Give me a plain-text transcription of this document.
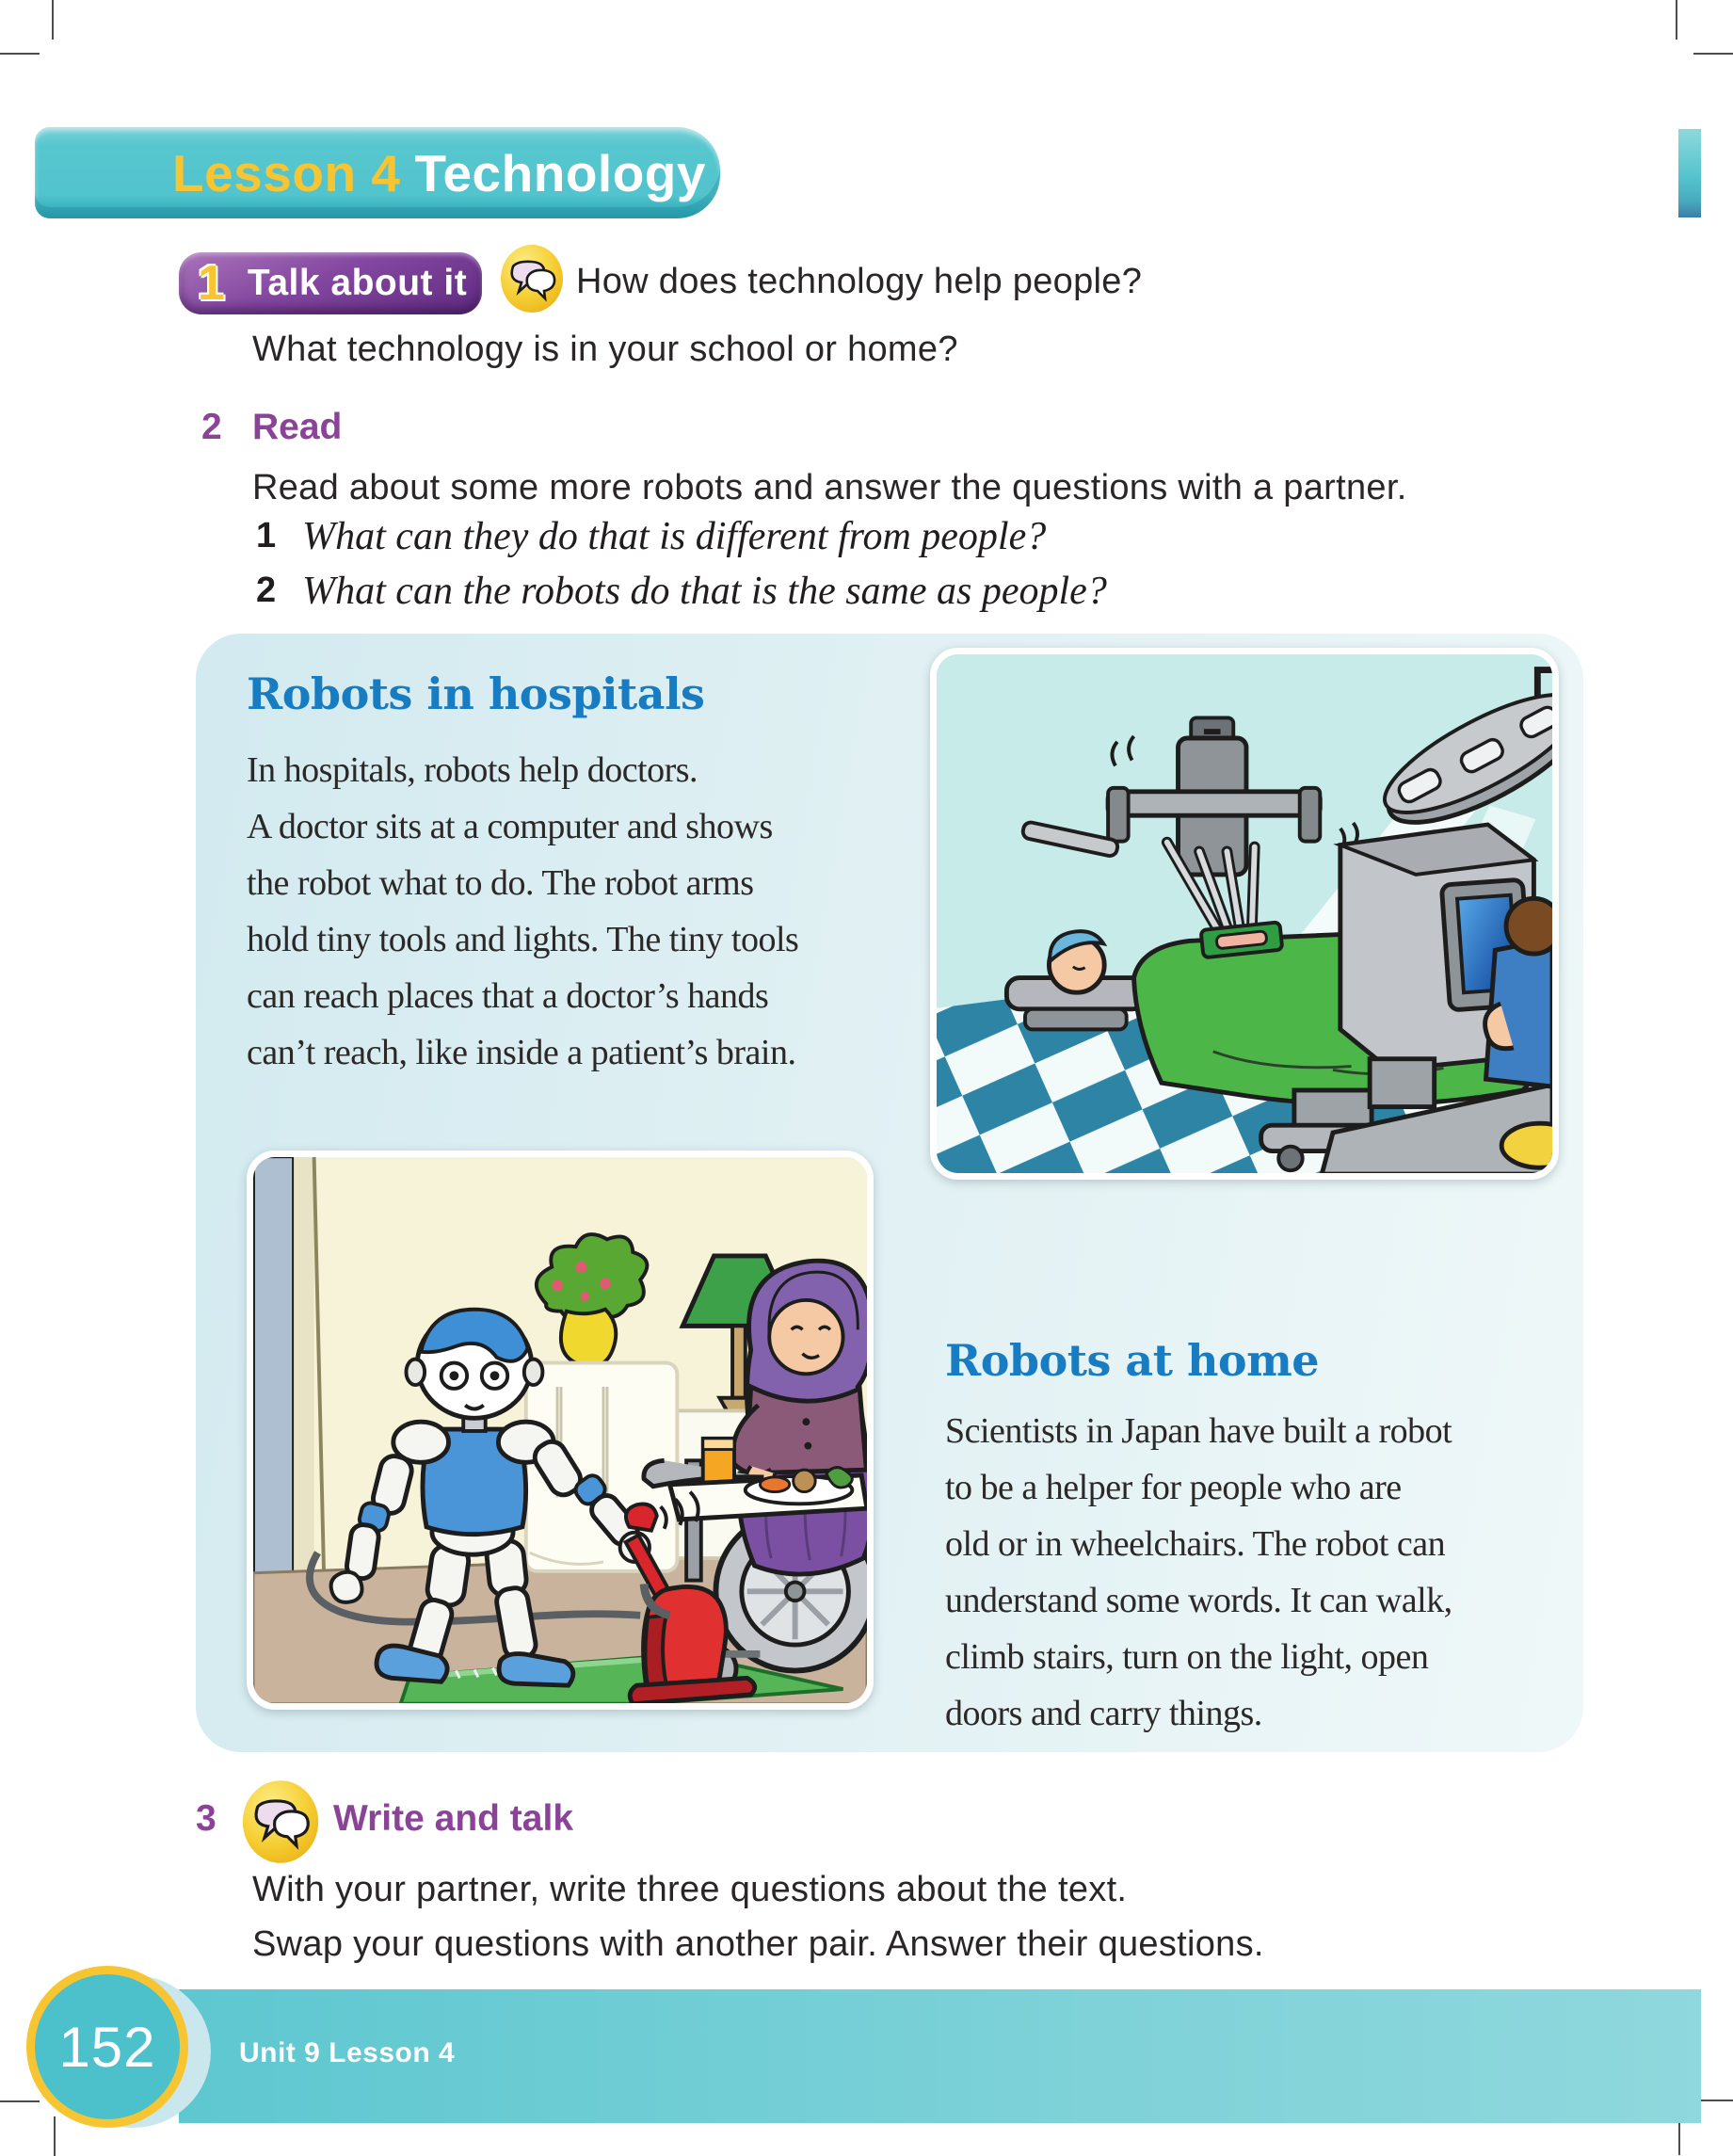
Lesson 4 Technology
1 Talk about it	How does technology help people?
What technology is in your school or home?
2 Read
Read about some more robots and answer the questions with a partner.
1 What can they do that is different from people?
2 What can the robots do that is the same as people?
Robots in hospitals
In hospitals, robots help doctors.
A doctor sits at a computer and shows
the robot what to do. The robot arms
hold tiny tools and lights. The tiny tools
can reach places that a doctor’s hands
can’t reach, like inside a patient’s brain.
Robots at home
Scientists in Japan have built a robot
to be a helper for people who are
old or in wheelchairs. The robot can
understand some words. It can walk,
climb stairs, turn on the light, open
doors and carry things.
3	Write and talk
With your partner, write three questions about the text.
Swap your questions with another pair. Answer their questions.
152	Unit 9 Lesson 4
